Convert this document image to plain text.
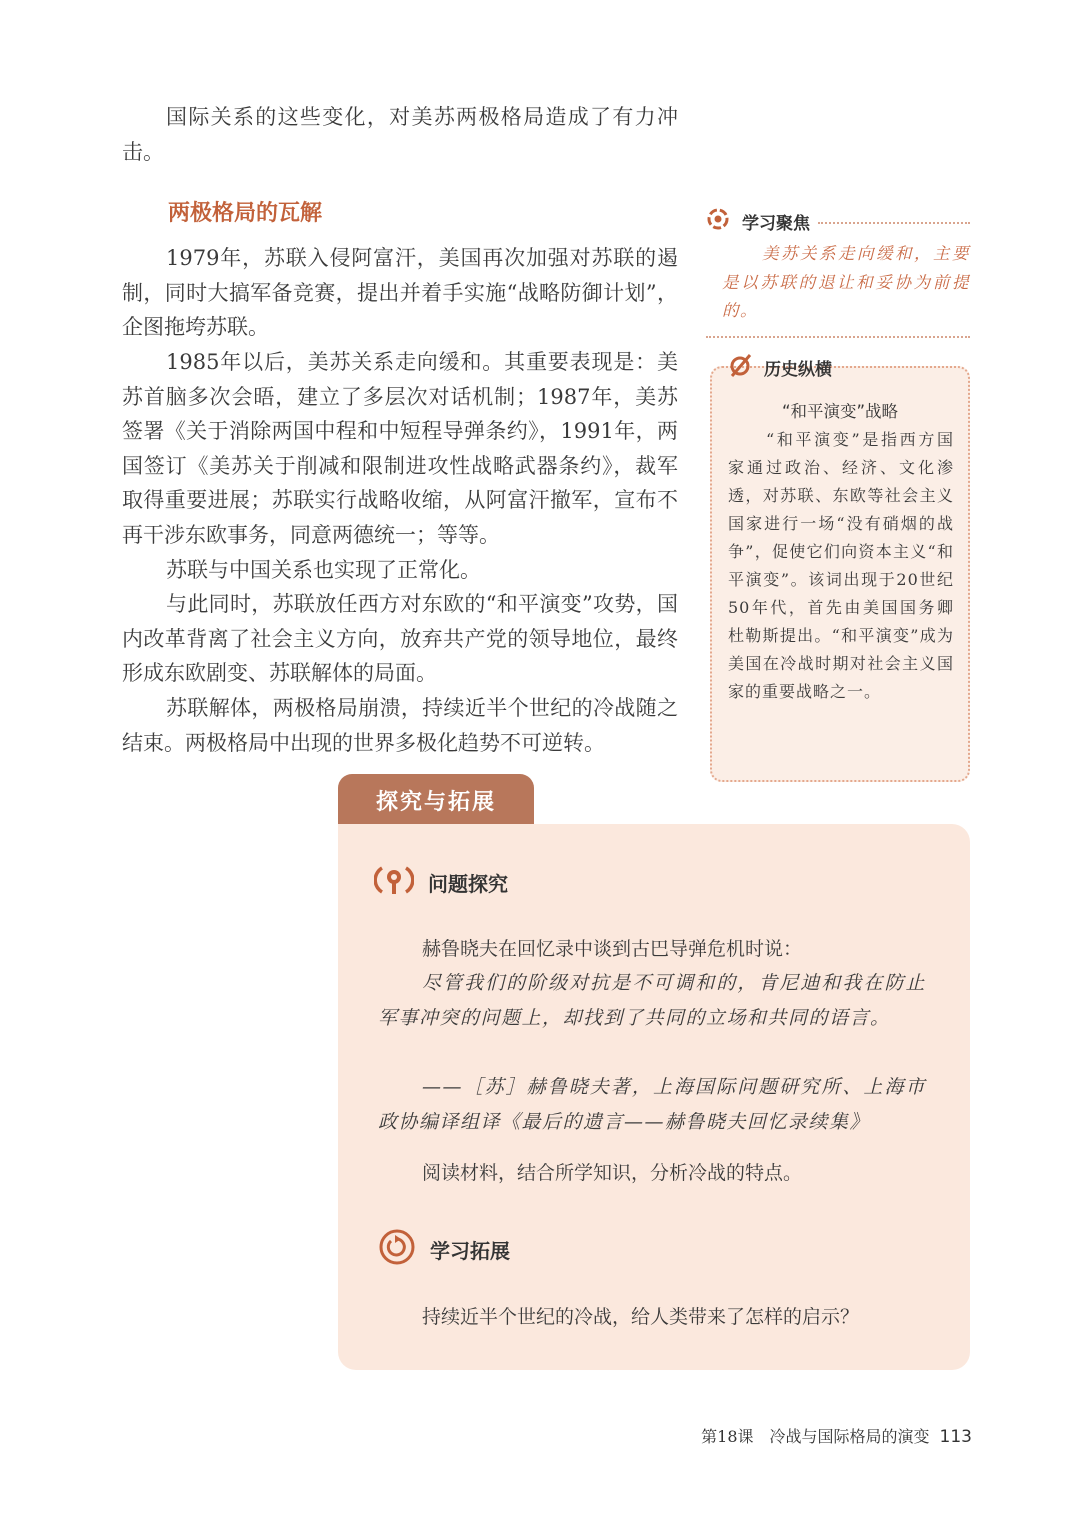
国际关系的这些变化，对美苏两极格局造成了有力冲击。

两极格局的瓦解

1979年，苏联入侵阿富汗，美国再次加强对苏联的遏制，同时大搞军备竞赛，提出并着手实施“战略防御计划”，企图拖垮苏联。

1985年以后，美苏关系走向缓和。其重要表现是：美苏首脑多次会晤，建立了多层次对话机制；1987年，美苏签署《关于消除两国中程和中短程导弹条约》，1991年，两国签订《美苏关于削减和限制进攻性战略武器条约》，裁军取得重要进展；苏联实行战略收缩，从阿富汗撤军，宣布不再干涉东欧事务，同意两德统一；等等。

苏联与中国关系也实现了正常化。

与此同时，苏联放任西方对东欧的“和平演变”攻势，国内改革背离了社会主义方向，放弃共产党的领导地位，最终形成东欧剧变、苏联解体的局面。

苏联解体，两极格局崩溃，持续近半个世纪的冷战随之结束。两极格局中出现的世界多极化趋势不可逆转。

学习聚焦

美苏关系走向缓和，主要是以苏联的退让和妥协为前提的。

历史纵横
“和平演变”战略

“和平演变”是指西方国家通过政治、经济、文化渗透，对苏联、东欧等社会主义国家进行一场“没有硝烟的战争”，促使它们向资本主义“和平演变”。该词出现于20世纪50年代，首先由美国国务卿杜勒斯提出。“和平演变”成为美国在冷战时期对社会主义国家的重要战略之一。

探究与拓展
问题探究

赫鲁晓夫在回忆录中谈到古巴导弹危机时说：

尽管我们的阶级对抗是不可调和的，肯尼迪和我在防止军事冲突的问题上，却找到了共同的立场和共同的语言。

——［苏］赫鲁晓夫著，上海国际问题研究所、上海市政协编译组译《最后的遗言——赫鲁晓夫回忆录续集》

阅读材料，结合所学知识，分析冷战的特点。

学习拓展

持续近半个世纪的冷战，给人类带来了怎样的启示？

第18课　冷战与国际格局的演变 113
